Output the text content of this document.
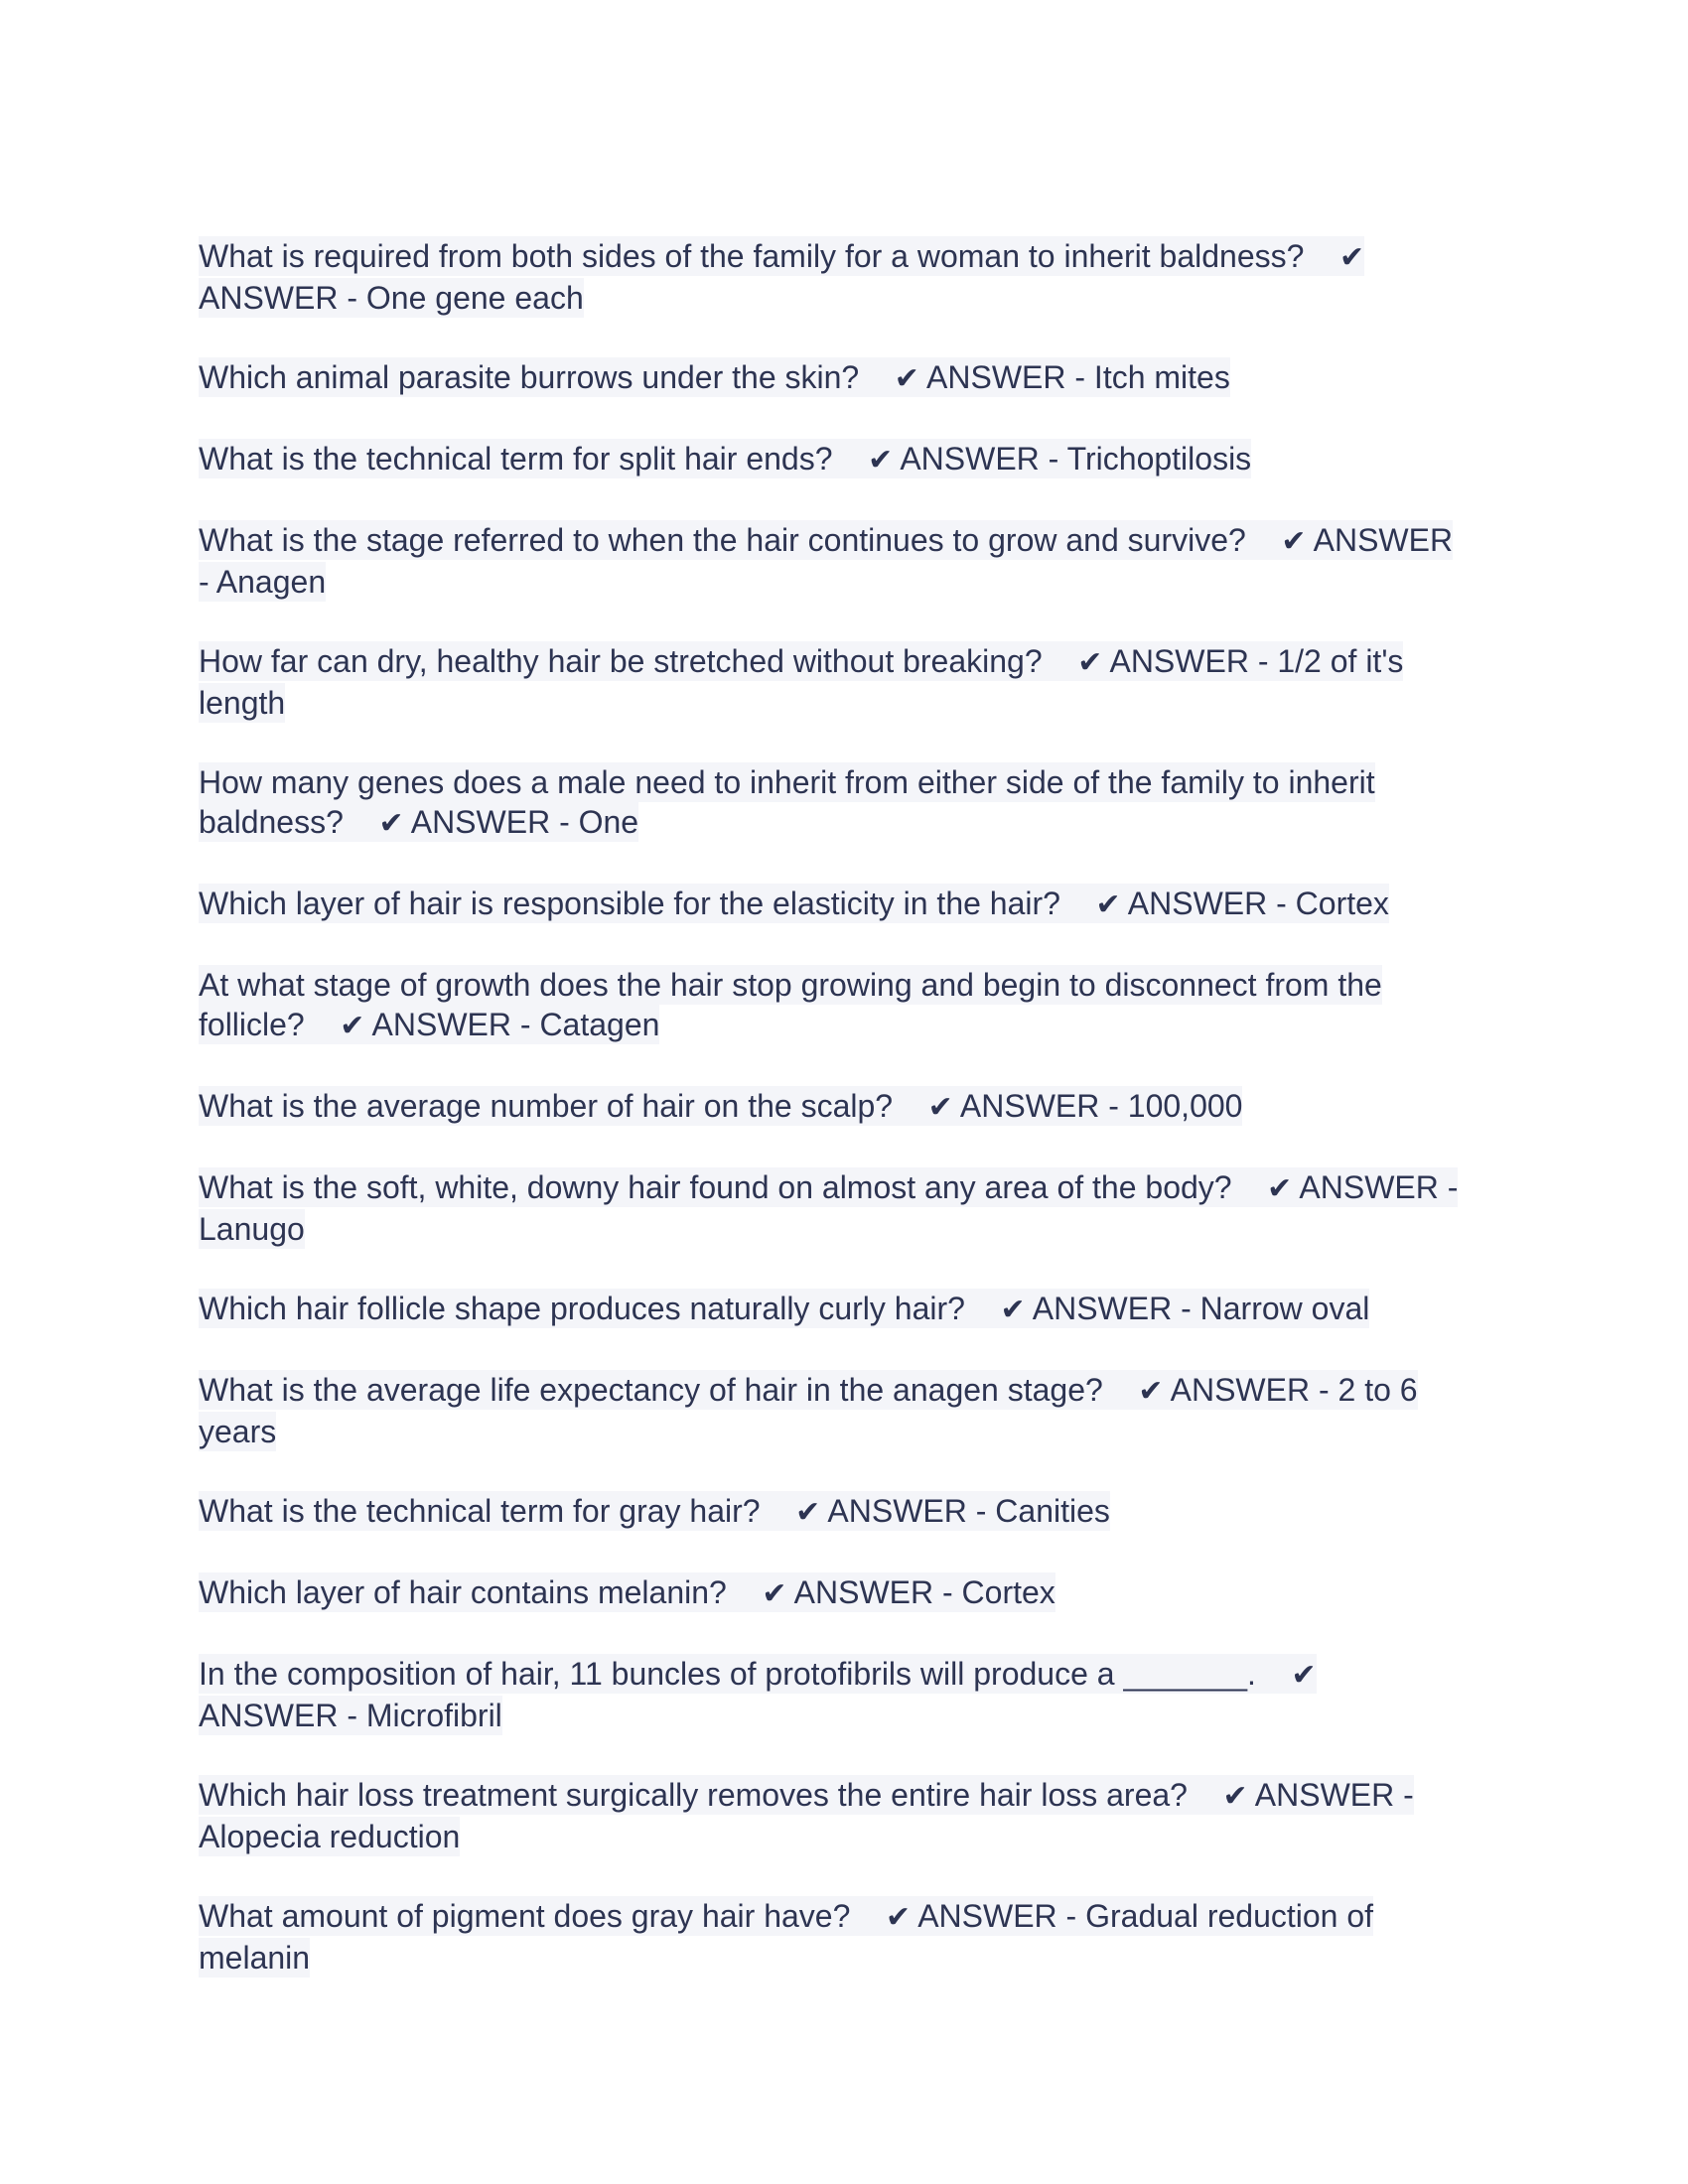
What is required from both sides of the family for a woman to inherit baldness? ✔ ANSWER - One gene each

Which animal parasite burrows under the skin? ✔ ANSWER - Itch mites

What is the technical term for split hair ends? ✔ ANSWER - Trichoptilosis

What is the stage referred to when the hair continues to grow and survive? ✔ ANSWER - Anagen

How far can dry, healthy hair be stretched without breaking? ✔ ANSWER - 1/2 of it's length

How many genes does a male need to inherit from either side of the family to inherit baldness? ✔ ANSWER - One

Which layer of hair is responsible for the elasticity in the hair? ✔ ANSWER - Cortex

At what stage of growth does the hair stop growing and begin to disconnect from the follicle? ✔ ANSWER - Catagen

What is the average number of hair on the scalp? ✔ ANSWER - 100,000

What is the soft, white, downy hair found on almost any area of the body? ✔ ANSWER - Lanugo

Which hair follicle shape produces naturally curly hair? ✔ ANSWER - Narrow oval

What is the average life expectancy of hair in the anagen stage? ✔ ANSWER - 2 to 6 years

What is the technical term for gray hair? ✔ ANSWER - Canities

Which layer of hair contains melanin? ✔ ANSWER - Cortex

In the composition of hair, 11 buncles of protofibrils will produce a _______. ✔ ANSWER - Microfibril

Which hair loss treatment surgically removes the entire hair loss area? ✔ ANSWER - Alopecia reduction

What amount of pigment does gray hair have? ✔ ANSWER - Gradual reduction of melanin
